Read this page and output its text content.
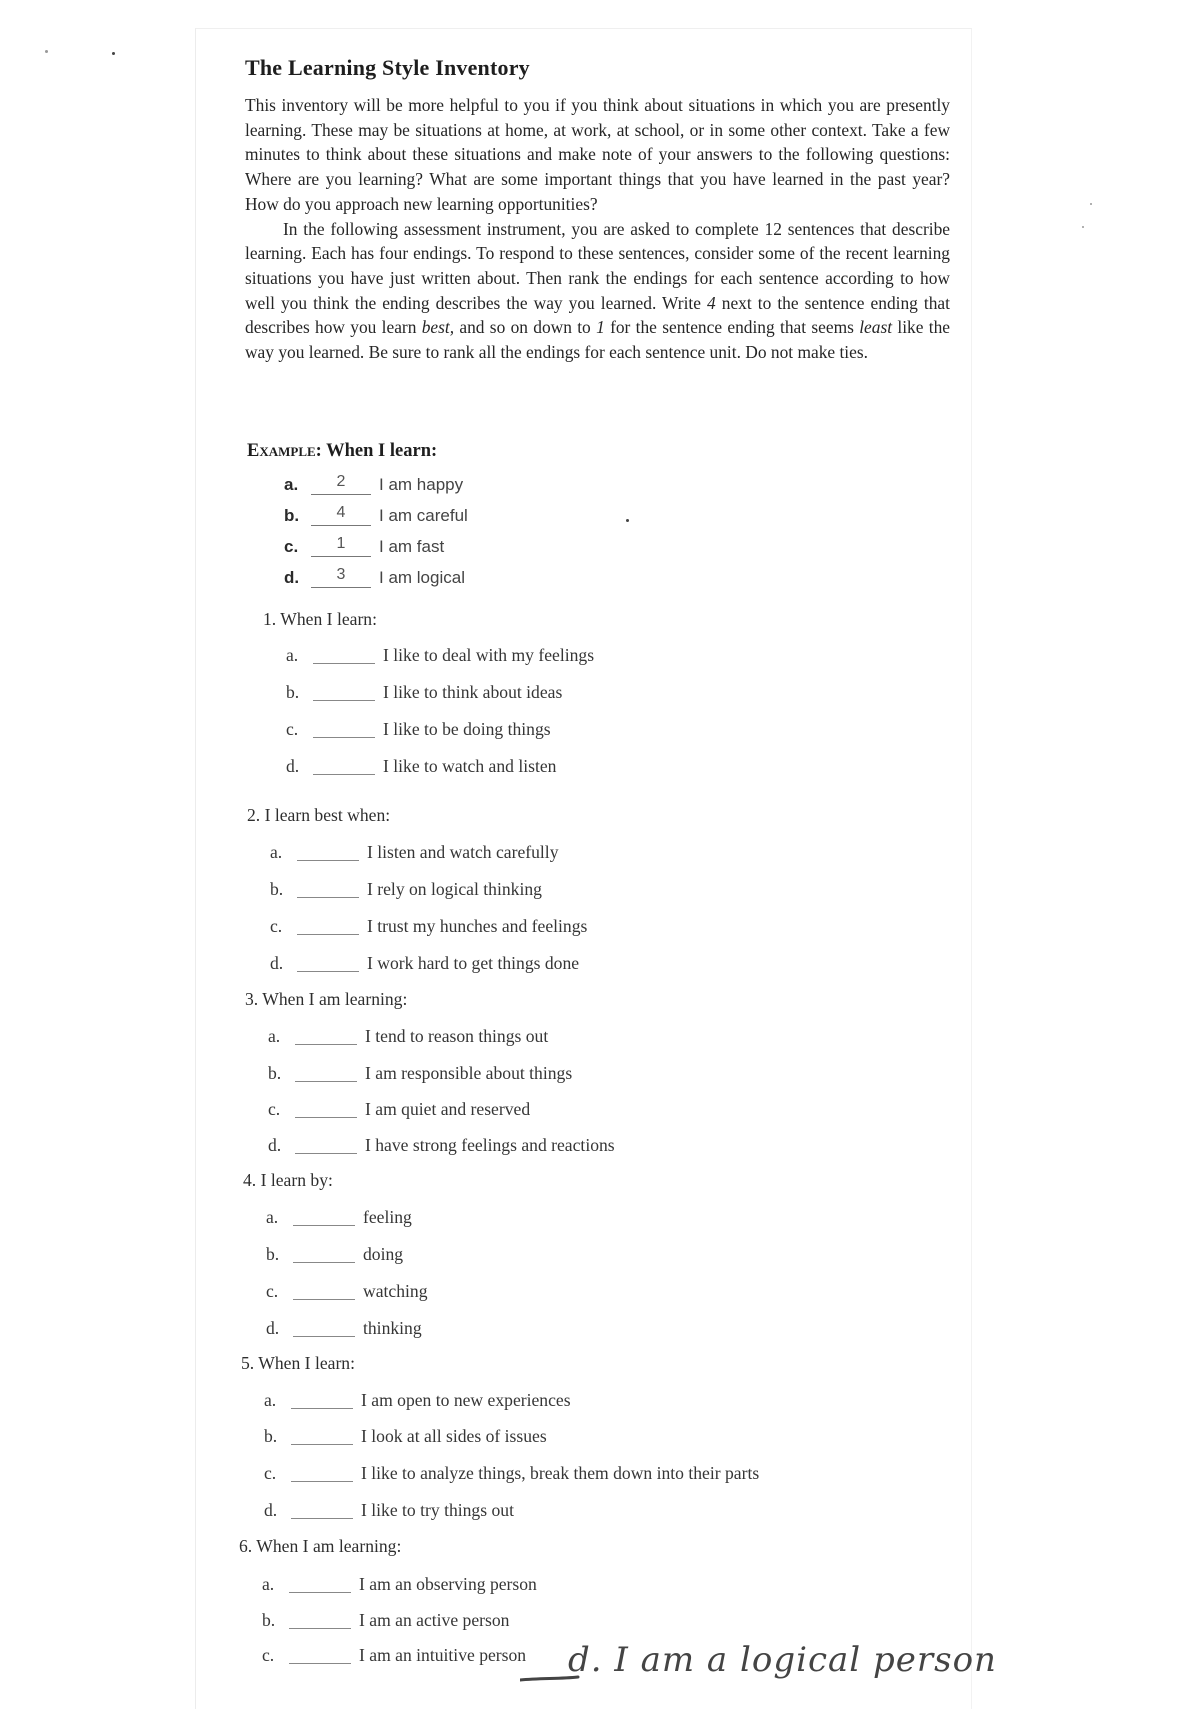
The Learning Style Inventory

This inventory will be more helpful to you if you think about situations in which you are presently learning. These may be situations at home, at work, at school, or in some other context. Take a few minutes to think about these situations and make note of your answers to the following questions: Where are you learning? What are some important things that you have learned in the past year? How do you approach new learning opportunities?

In the following assessment instrument, you are asked to complete 12 sentences that describe learning. Each has four endings. To respond to these sentences, consider some of the recent learning situations you have just written about. Then rank the endings for each sentence according to how well you think the ending describes the way you learned. Write 4 next to the sentence ending that describes how you learn best, and so on down to 1 for the sentence ending that seems least like the way you learned. Be sure to rank all the endings for each sentence unit. Do not make ties.

Example: When I learn:
a.	2	I am happy
b.	4	I am careful
c.	1	I am fast
d.	3	I am logical
1. When I learn:
a.	I like to deal with my feelings
b.	I like to think about ideas
c.	I like to be doing things
d.	I like to watch and listen
2. I learn best when:
a.	I listen and watch carefully
b.	I rely on logical thinking
c.	I trust my hunches and feelings
d.	I work hard to get things done
3. When I am learning:
a.	I tend to reason things out
b.	I am responsible about things
c.	I am quiet and reserved
d.	I have strong feelings and reactions
4. I learn by:
a.	feeling
b.	doing
c.	watching
d.	thinking
5. When I learn:
a.	I am open to new experiences
b.	I look at all sides of issues
c.	I like to analyze things, break them down into their parts
d.	I like to try things out
6. When I am learning:
a.	I am an observing person
b.	I am an active person
c.	I am an intuitive person d. I am a logical person
